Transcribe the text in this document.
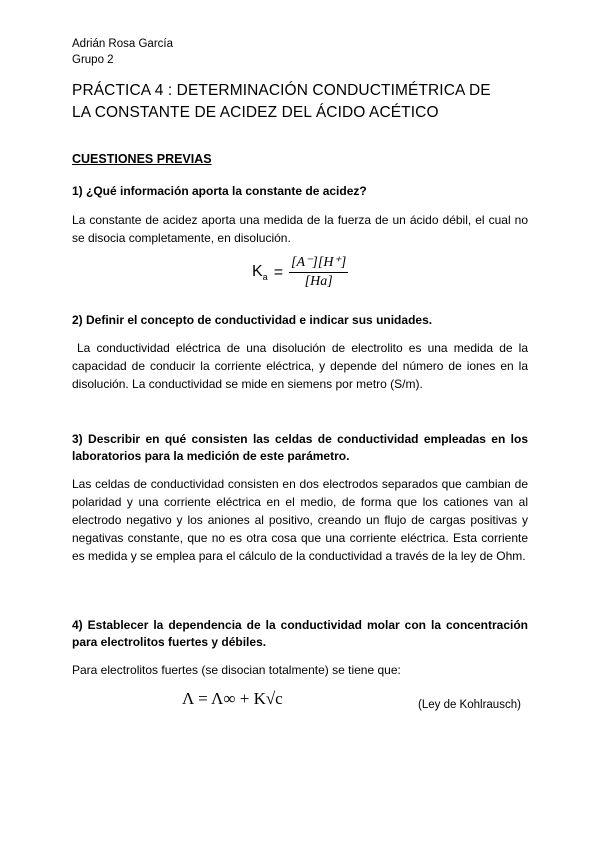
Adrián Rosa García
Grupo 2
PRÁCTICA 4 : DETERMINACIÓN CONDUCTIMÉTRICA DE
LA CONSTANTE DE ACIDEZ DEL ÁCIDO ACÉTICO
CUESTIONES PREVIAS
1) ¿Qué información aporta la constante de acidez?
La constante de acidez aporta una medida de la fuerza de un ácido débil, el cual no se disocia completamente, en disolución.
$K_a = \frac{[A^-][H^+]}{[Ha]}$
2) Definir el concepto de conductividad e indicar sus unidades.
La conductividad eléctrica de una disolución de electrolito es una medida de la capacidad de conducir la corriente eléctrica, y depende del número de iones en la disolución. La conductividad se mide en siemens por metro (S/m).
3) Describir en qué consisten las celdas de conductividad empleadas en los laboratorios para la medición de este parámetro.
Las celdas de conductividad consisten en dos electrodos separados que cambian de polaridad y una corriente eléctrica en el medio, de forma que los cationes van al electrodo negativo y los aniones al positivo, creando un flujo de cargas positivas y negativas constante, que no es otra cosa que una corriente eléctrica. Esta corriente es medida y se emplea para el cálculo de la conductividad a través de la ley de Ohm.
4) Establecer la dependencia de la conductividad molar con la concentración para electrolitos fuertes y débiles.
Para electrolitos fuertes (se disocian totalmente) se tiene que:
Λ = Λ∞ + K√c	(Ley de Kohlrausch)
